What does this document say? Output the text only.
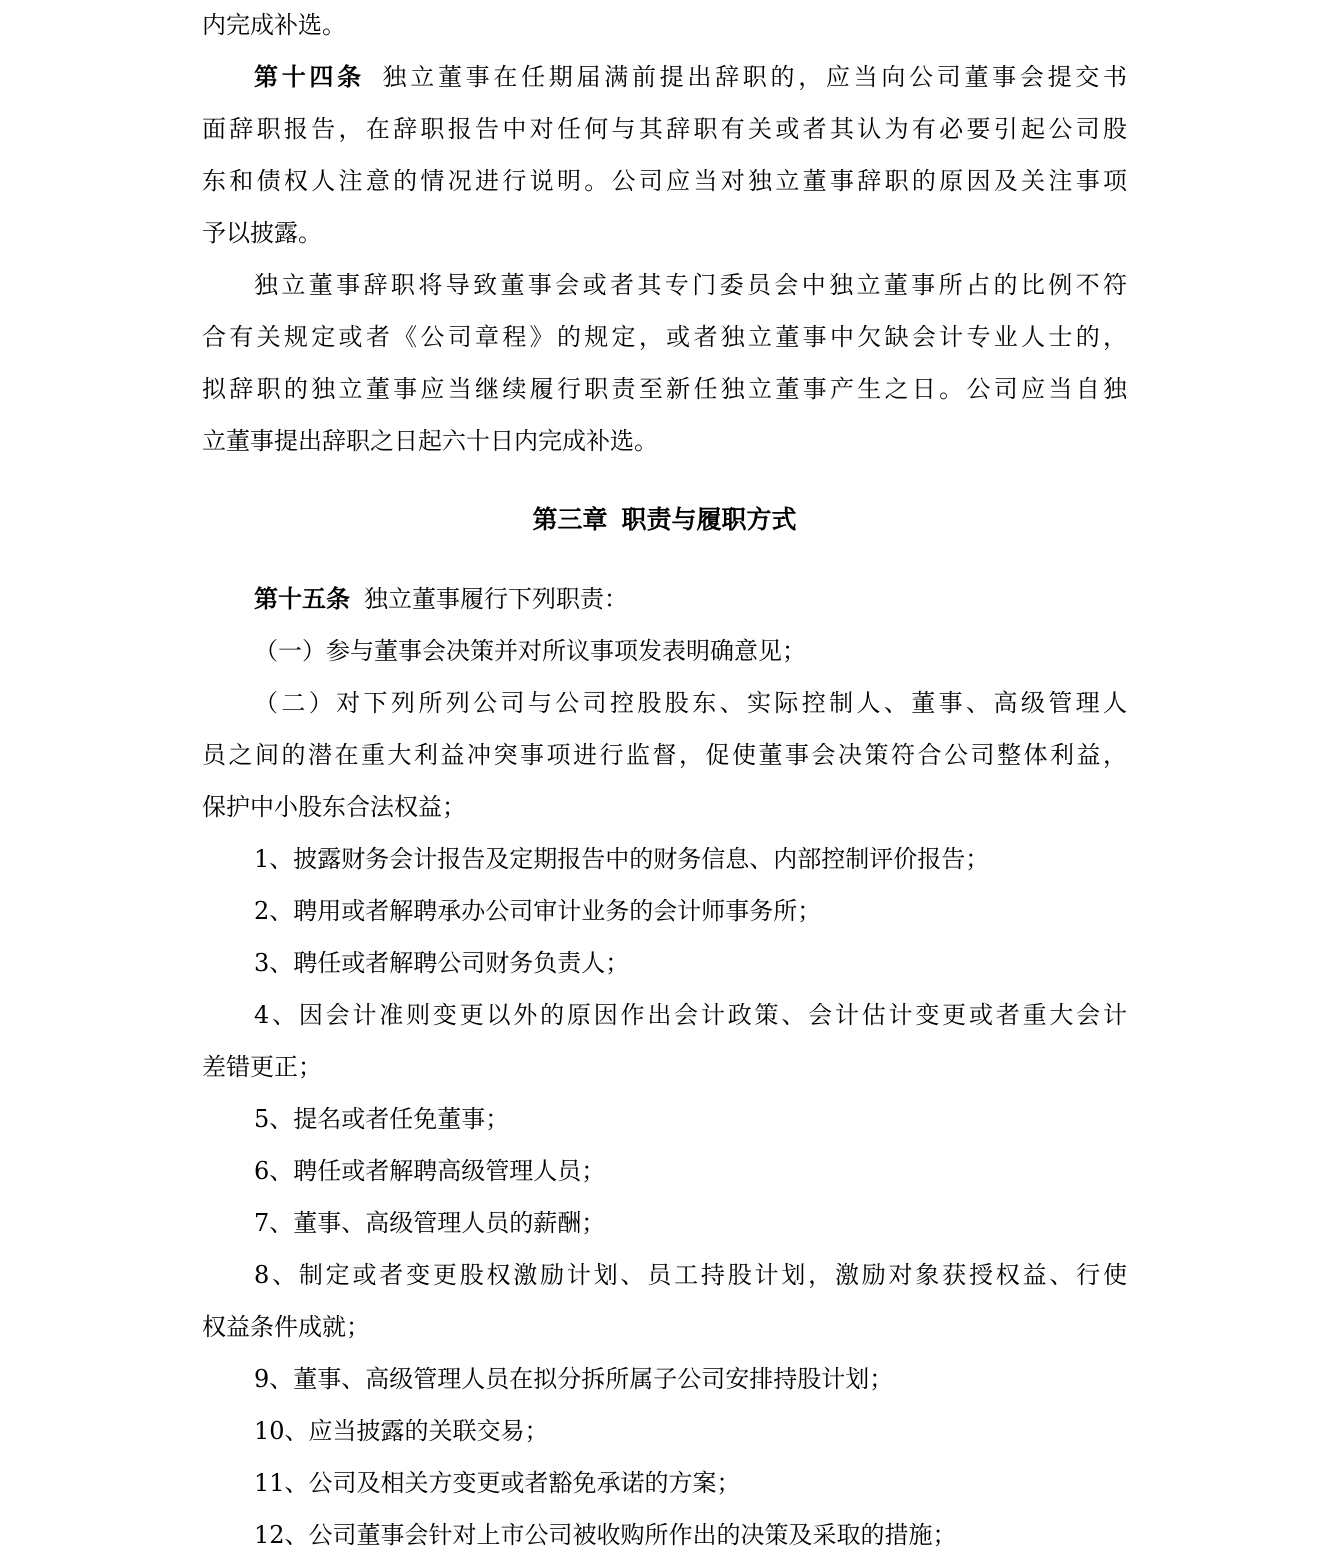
内完成补选。
第十四条 独立董事在任期届满前提出辞职的，应当向公司董事会提交书
面辞职报告，在辞职报告中对任何与其辞职有关或者其认为有必要引起公司股
东和债权人注意的情况进行说明。公司应当对独立董事辞职的原因及关注事项
予以披露。
独立董事辞职将导致董事会或者其专门委员会中独立董事所占的比例不符
合有关规定或者《公司章程》的规定，或者独立董事中欠缺会计专业人士的，
拟辞职的独立董事应当继续履行职责至新任独立董事产生之日。公司应当自独
立董事提出辞职之日起六十日内完成补选。
第三章 职责与履职方式
第十五条 独立董事履行下列职责：
（一）参与董事会决策并对所议事项发表明确意见；
（二）对下列所列公司与公司控股股东、实际控制人、董事、高级管理人
员之间的潜在重大利益冲突事项进行监督，促使董事会决策符合公司整体利益，
保护中小股东合法权益；
1、披露财务会计报告及定期报告中的财务信息、内部控制评价报告；
2、聘用或者解聘承办公司审计业务的会计师事务所；
3、聘任或者解聘公司财务负责人；
4、因会计准则变更以外的原因作出会计政策、会计估计变更或者重大会计
差错更正；
5、提名或者任免董事；
6、聘任或者解聘高级管理人员；
7、董事、高级管理人员的薪酬；
8、制定或者变更股权激励计划、员工持股计划，激励对象获授权益、行使
权益条件成就；
9、董事、高级管理人员在拟分拆所属子公司安排持股计划；
10、应当披露的关联交易；
11、公司及相关方变更或者豁免承诺的方案；
12、公司董事会针对上市公司被收购所作出的决策及采取的措施；
